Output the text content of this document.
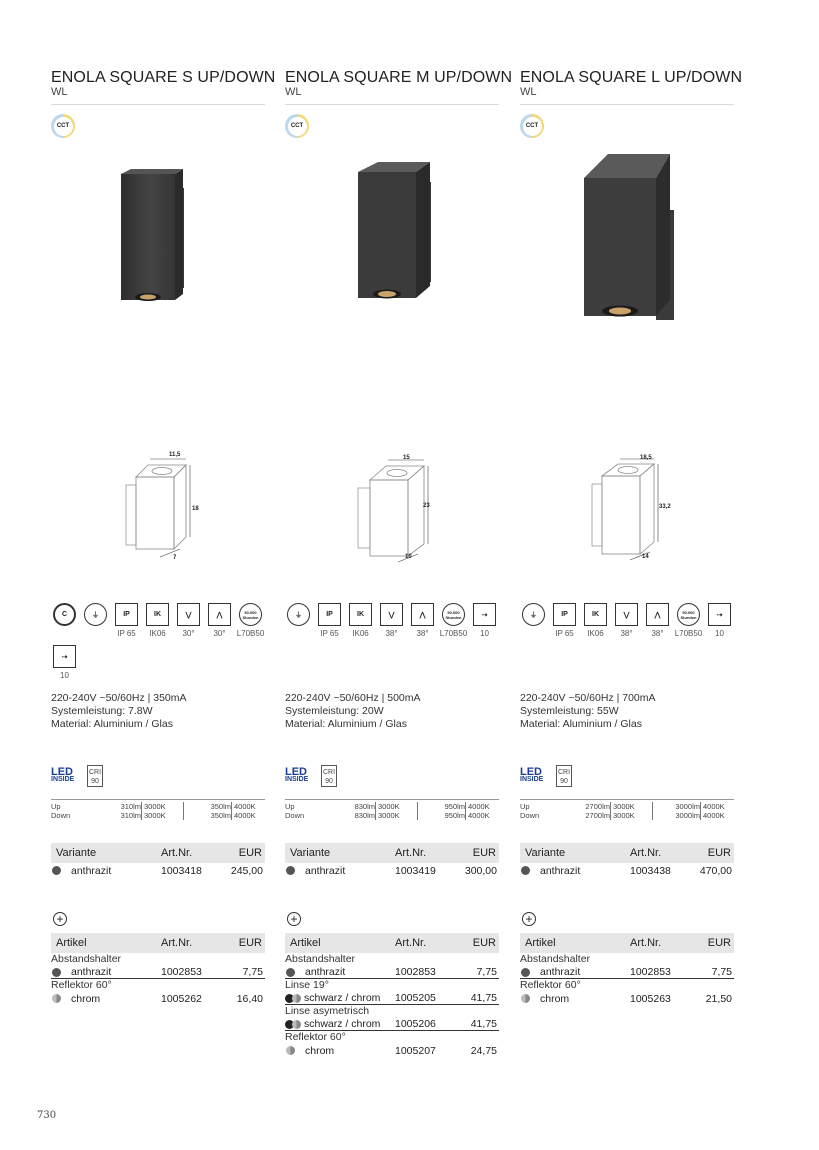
ENOLA SQUARE S UP/DOWN
WL
CCT
ENOLA SQUARE M UP/DOWN
WL
CCT
ENOLA SQUARE L UP/DOWN
WL
CCT
11,5
18
7
15
23
10
18,5
33,2
14
C	⏚	IP
IP 65
IK
IK06
⋁
30°
⋀
30°
50.000 Stunden
L70B50
⇢
10
⏚	IP
IP 65
IK
IK06
⋁
38°
⋀
38°
50.000 Stunden
L70B50
⇢
10
⏚	IP
IP 65
IK
IK06
⋁
38°
⋀
38°
50.000 Stunden
L70B50
⇢
10
220-240V ~50/60Hz | 350mA
Systemleistung: 7.8W
Material: Aluminium / Glas
220-240V ~50/60Hz | 500mA
Systemleistung: 20W
Material: Aluminium / Glas
220-240V ~50/60Hz | 700mA
Systemleistung: 55W
Material: Aluminium / Glas
LED
INSIDE
CRI
90
LED
INSIDE
CRI
90
LED
INSIDE
CRI
90
Up	310lm 3000K	350lm 4000K
Down	310lm 3000K	350lm 4000K
Up	830lm 3000K	950lm 4000K
Down	830lm 3000K	950lm 4000K
Up	2700lm 3000K	3000lm 4000K
Down	2700lm 3000K	3000lm 4000K
Variante	Art.Nr.	EUR
anthrazit	1003418	245,00
Variante	Art.Nr.	EUR
anthrazit	1003419	300,00
Variante	Art.Nr.	EUR
anthrazit	1003438	470,00
+	+	+
Artikel	Art.Nr.	EUR
Abstandshalter
anthrazit	1002853	7,75
Reflektor 60°
chrom	1005262	16,40
Artikel	Art.Nr.	EUR
Abstandshalter
anthrazit	1002853	7,75
Linse 19°
schwarz / chrom 1005205	41,75
Linse asymetrisch
schwarz / chrom 1005206	41,75
Reflektor 60°
chrom	1005207	24,75
Artikel	Art.Nr.	EUR
Abstandshalter
anthrazit	1002853	7,75
Reflektor 60°
chrom	1005263	21,50
730
